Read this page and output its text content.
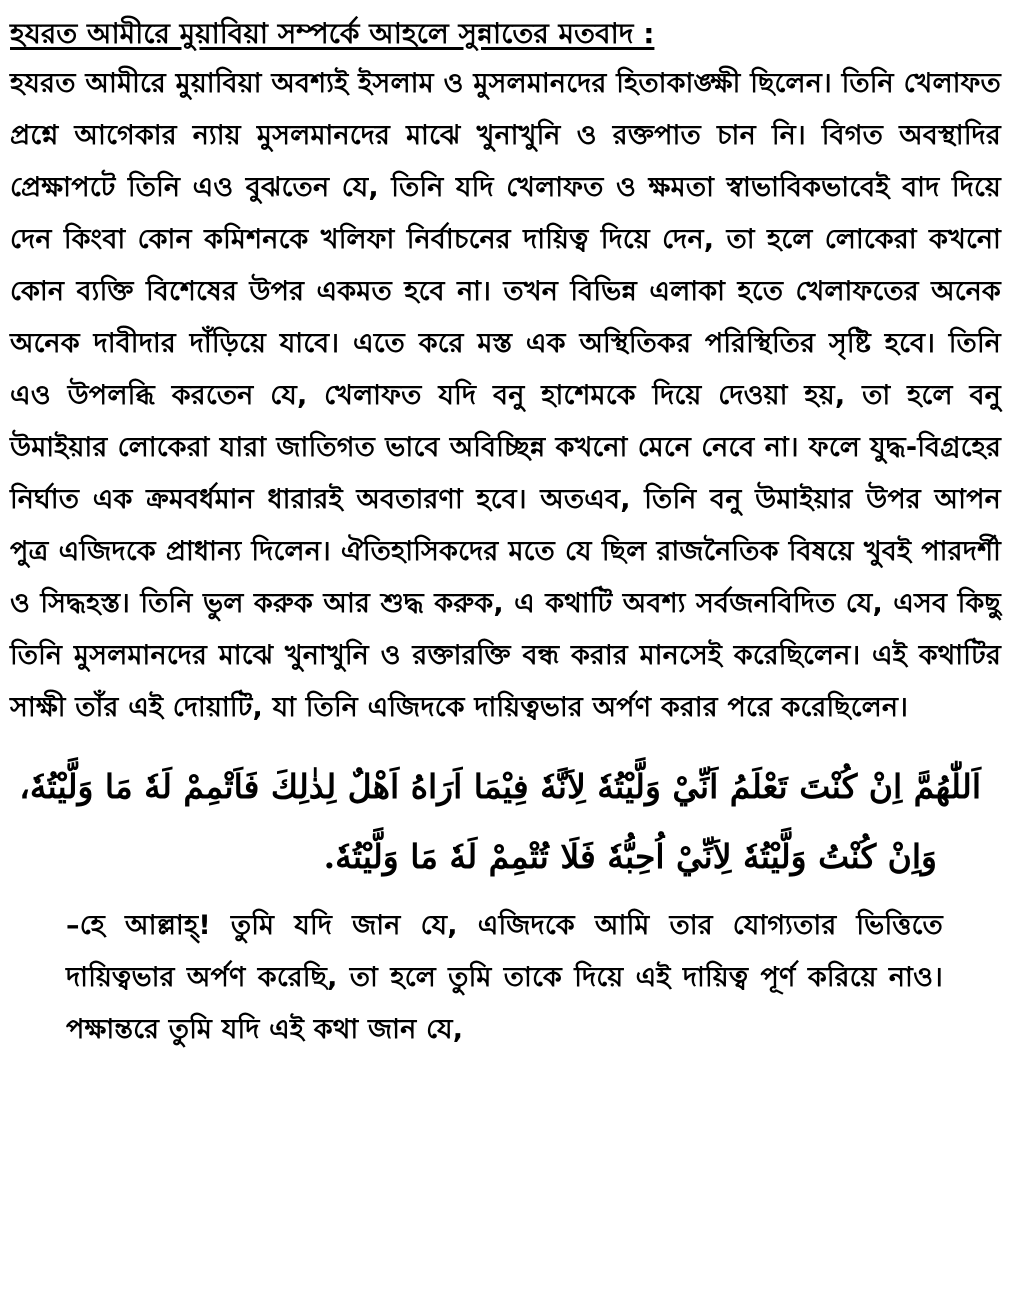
হযরত আমীরে মুয়াবিয়া সম্পর্কে আহলে সুন্নাতের মতবাদ :

হযরত আমীরে মুয়াবিয়া অবশ্যই ইসলাম ও মুসলমানদের হিতাকাঙ্ক্ষী ছিলেন। তিনি খেলাফত প্রশ্নে আগেকার ন্যায় মুসলমানদের মাঝে খুনাখুনি ও রক্তপাত চান নি। বিগত অবস্থাদির প্রেক্ষাপটে তিনি এও বুঝতেন যে, তিনি যদি খেলাফত ও ক্ষমতা স্বাভাবিকভাবেই বাদ দিয়ে দেন কিংবা কোন কমিশনকে খলিফা নির্বাচনের দায়িত্ব দিয়ে দেন, তা হলে লোকেরা কখনো কোন ব্যক্তি বিশেষের উপর একমত হবে না। তখন বিভিন্ন এলাকা হতে খেলাফতের অনেক অনেক দাবীদার দাঁড়িয়ে যাবে। এতে করে মস্ত এক অস্থিতিকর পরিস্থিতির সৃষ্টি হবে। তিনি এও উপলব্ধি করতেন যে, খেলাফত যদি বনু হাশেমকে দিয়ে দেওয়া হয়, তা হলে বনু উমাইয়ার লোকেরা যারা জাতিগত ভাবে অবিচ্ছিন্ন কখনো মেনে নেবে না। ফলে যুদ্ধ-বিগ্রহের নির্ঘাত এক ক্রমবর্ধমান ধারারই অবতারণা হবে। অতএব, তিনি বনু উমাইয়ার উপর আপন পুত্র এজিদকে প্রাধান্য দিলেন। ঐতিহাসিকদের মতে যে ছিল রাজনৈতিক বিষয়ে খুবই পারদর্শী ও সিদ্ধহস্ত। তিনি ভুল করুক আর শুদ্ধ করুক, এ কথাটি অবশ্য সর্বজনবিদিত যে, এসব কিছু তিনি মুসলমানদের মাঝে খুনাখুনি ও রক্তারক্তি বন্ধ করার মানসেই করেছিলেন। এই কথাটির সাক্ষী তাঁর এই দোয়াটি, যা তিনি এজিদকে দায়িত্বভার অর্পণ করার পরে করেছিলেন।

اَللّٰهُمَّ اِنْ كُنْتَ تَعْلَمُ اَنِّيْ وَلَّيْتُهٗ لِاَنَّهٗ فِيْمَا اَرَاهُ اَهْلٌ لِذٰلِكَ فَاَتْمِمْ لَهٗ مَا وَلَّيْتُهٗ،

وَاِنْ كُنْتُ وَلَّيْتُهٗ لِاَنِّيْ اُحِبُّهٗ فَلَا تُتْمِمْ لَهٗ مَا وَلَّيْتُهٗ.

–হে আল্লাহ্! তুমি যদি জান যে, এজিদকে আমি তার যোগ্যতার ভিত্তিতে দায়িত্বভার অর্পণ করেছি, তা হলে তুমি তাকে দিয়ে এই দায়িত্ব পূর্ণ করিয়ে নাও। পক্ষান্তরে তুমি যদি এই কথা জান যে,
